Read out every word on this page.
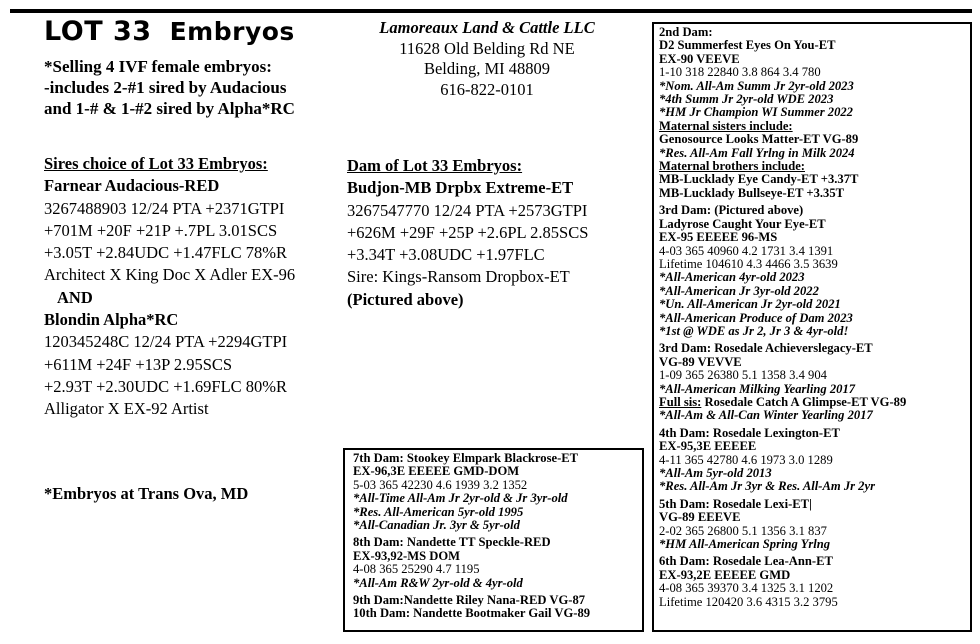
LOT 33 Embryos
*Selling 4 IVF female embryos:
-includes 2-#1 sired by Audacious
and 1-# & 1-#2 sired by Alpha*RC
Lamoreaux Land & Cattle LLC
11628 Old Belding Rd NE
Belding, MI 48809
616-822-0101
Sires choice of Lot 33 Embryos:
Farnear Audacious-RED
3267488903 12/24 PTA +2371GTPI
+701M +20F +21P +.7PL 3.01SCS
+3.05T +2.84UDC +1.47FLC 78%R
Architect X King Doc X Adler EX-96
AND
Blondin Alpha*RC
120345248C 12/24 PTA +2294GTPI
+611M +24F +13P 2.95SCS
+2.93T +2.30UDC +1.69FLC 80%R
Alligator X EX-92 Artist
Dam of Lot 33 Embryos:
Budjon-MB Drpbx Extreme-ET
3267547770 12/24 PTA +2573GTPI
+626M +29F +25P +2.6PL 2.85SCS
+3.34T +3.08UDC +1.97FLC
Sire: Kings-Ransom Dropbox-ET
(Pictured above)
*Embryos at Trans Ova, MD
7th Dam: Stookey Elmpark Blackrose-ET
EX-96,3E EEEEE GMD-DOM
5-03 365 42230 4.6 1939 3.2 1352
*All-Time All-Am Jr 2yr-old & Jr 3yr-old
*Res. All-American 5yr-old 1995
*All-Canadian Jr. 3yr & 5yr-old
8th Dam: Nandette TT Speckle-RED
EX-93,92-MS DOM
4-08 365 25290 4.7 1195
*All-Am R&W 2yr-old & 4yr-old
9th Dam:Nandette Riley Nana-RED VG-87
10th Dam: Nandette Bootmaker Gail VG-89
2nd Dam:
D2 Summerfest Eyes On You-ET
EX-90 VEEVE
1-10 318 22840 3.8 864 3.4 780
*Nom. All-Am Summ Jr 2yr-old 2023
*4th Summ Jr 2yr-old WDE 2023
*HM Jr Champion WI Summer 2022
Maternal sisters include:
Genosource Looks Matter-ET VG-89
*Res. All-Am Fall Yrlng in Milk 2024
Maternal brothers include:
MB-Lucklady Eye Candy-ET +3.37T
MB-Lucklady Bullseye-ET +3.35T
3rd Dam: (Pictured above)
Ladyrose Caught Your Eye-ET
EX-95 EEEEE 96-MS
4-03 365 40960 4.2 1731 3.4 1391
Lifetime 104610 4.3 4466 3.5 3639
*All-American 4yr-old 2023
*All-American Jr 3yr-old 2022
*Un. All-American Jr 2yr-old 2021
*All-American Produce of Dam 2023
*1st @ WDE as Jr 2, Jr 3 & 4yr-old!
3rd Dam: Rosedale Achieverslegacy-ET
VG-89 VEVVE
1-09 365 26380 5.1 1358 3.4 904
*All-American Milking Yearling 2017
Full sis: Rosedale Catch A Glimpse-ET VG-89
*All-Am & All-Can Winter Yearling 2017
4th Dam: Rosedale Lexington-ET
EX-95,3E EEEEE
4-11 365 42780 4.6 1973 3.0 1289
*All-Am 5yr-old 2013
*Res. All-Am Jr 3yr & Res. All-Am Jr 2yr
5th Dam: Rosedale Lexi-ET|
VG-89 EEEVE
2-02 365 26800 5.1 1356 3.1 837
*HM All-American Spring Yrlng
6th Dam: Rosedale Lea-Ann-ET
EX-93,2E EEEEE GMD
4-08 365 39370 3.4 1325 3.1 1202
Lifetime 120420 3.6 4315 3.2 3795
